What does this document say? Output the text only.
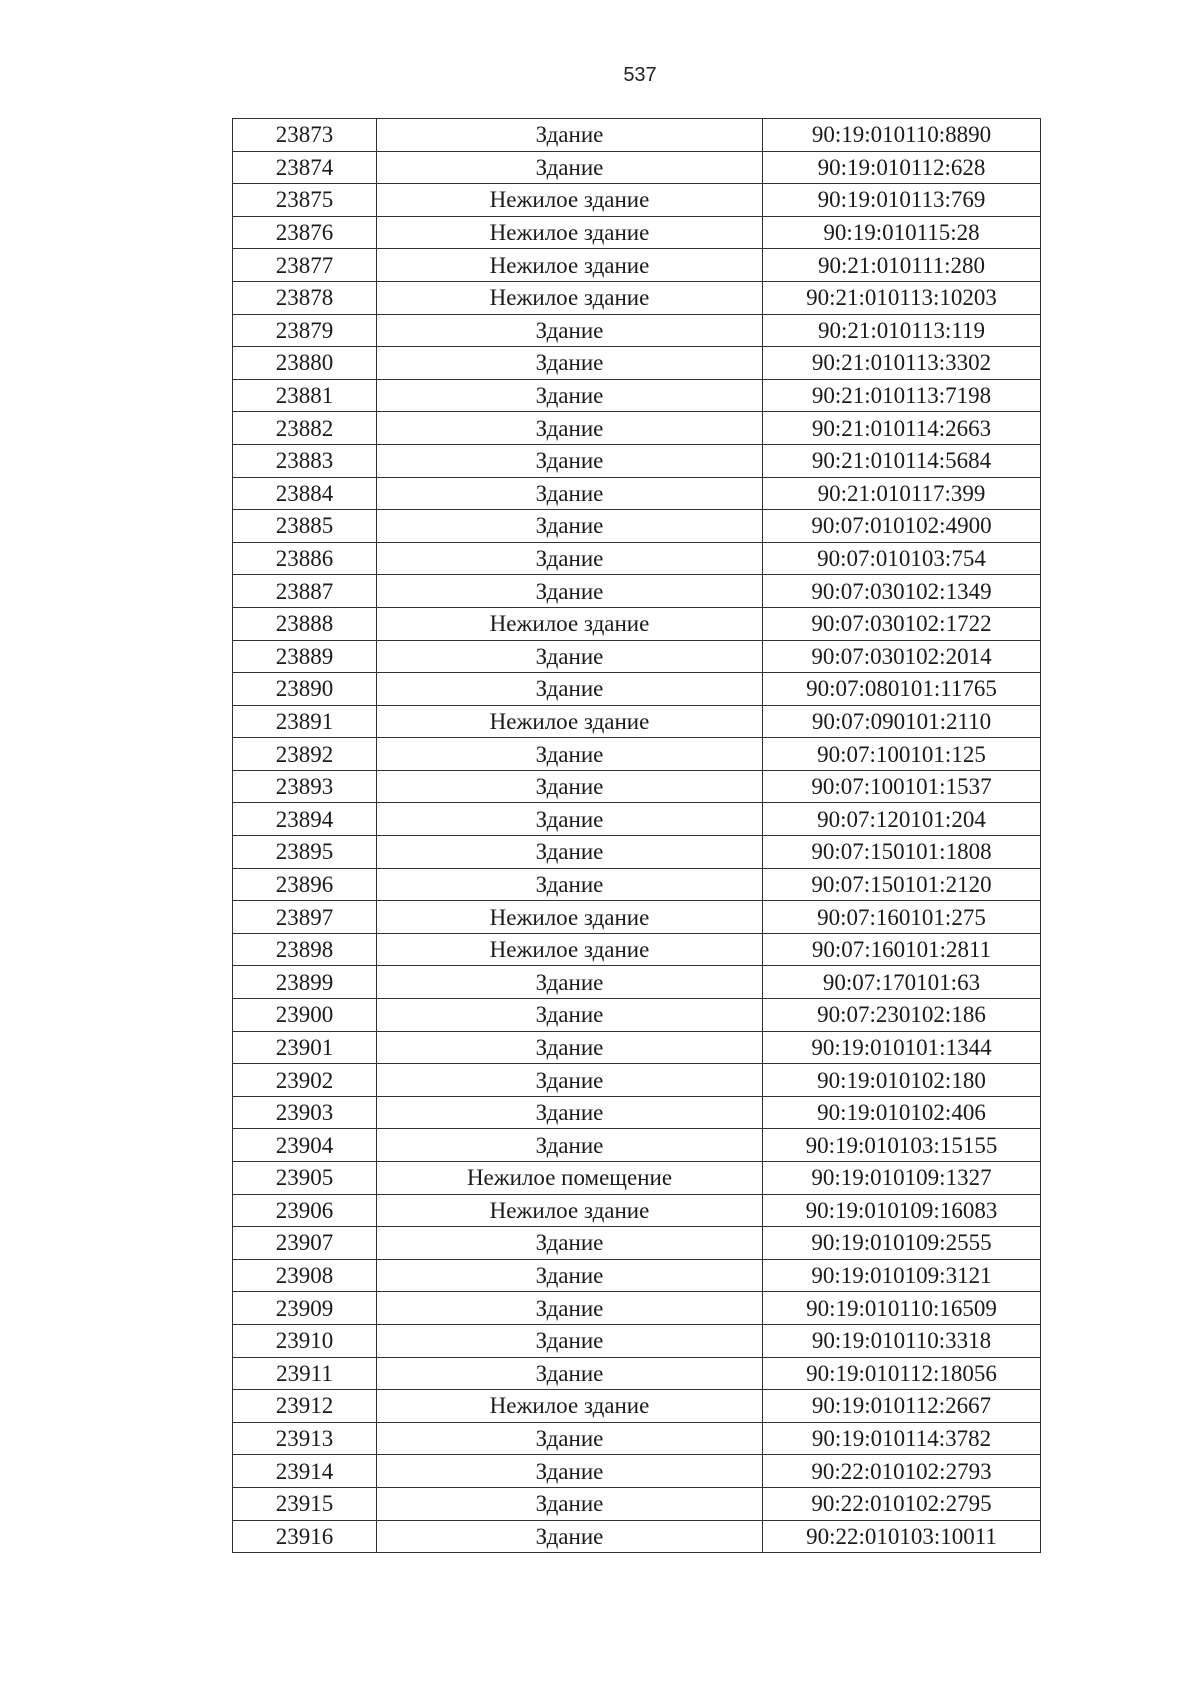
537
23873	Здание	90:19:010110:8890
23874	Здание	90:19:010112:628
23875	Нежилое здание	90:19:010113:769
23876	Нежилое здание	90:19:010115:28
23877	Нежилое здание	90:21:010111:280
23878	Нежилое здание	90:21:010113:10203
23879	Здание	90:21:010113:119
23880	Здание	90:21:010113:3302
23881	Здание	90:21:010113:7198
23882	Здание	90:21:010114:2663
23883	Здание	90:21:010114:5684
23884	Здание	90:21:010117:399
23885	Здание	90:07:010102:4900
23886	Здание	90:07:010103:754
23887	Здание	90:07:030102:1349
23888	Нежилое здание	90:07:030102:1722
23889	Здание	90:07:030102:2014
23890	Здание	90:07:080101:11765
23891	Нежилое здание	90:07:090101:2110
23892	Здание	90:07:100101:125
23893	Здание	90:07:100101:1537
23894	Здание	90:07:120101:204
23895	Здание	90:07:150101:1808
23896	Здание	90:07:150101:2120
23897	Нежилое здание	90:07:160101:275
23898	Нежилое здание	90:07:160101:2811
23899	Здание	90:07:170101:63
23900	Здание	90:07:230102:186
23901	Здание	90:19:010101:1344
23902	Здание	90:19:010102:180
23903	Здание	90:19:010102:406
23904	Здание	90:19:010103:15155
23905	Нежилое помещение	90:19:010109:1327
23906	Нежилое здание	90:19:010109:16083
23907	Здание	90:19:010109:2555
23908	Здание	90:19:010109:3121
23909	Здание	90:19:010110:16509
23910	Здание	90:19:010110:3318
23911	Здание	90:19:010112:18056
23912	Нежилое здание	90:19:010112:2667
23913	Здание	90:19:010114:3782
23914	Здание	90:22:010102:2793
23915	Здание	90:22:010102:2795
23916	Здание	90:22:010103:10011
